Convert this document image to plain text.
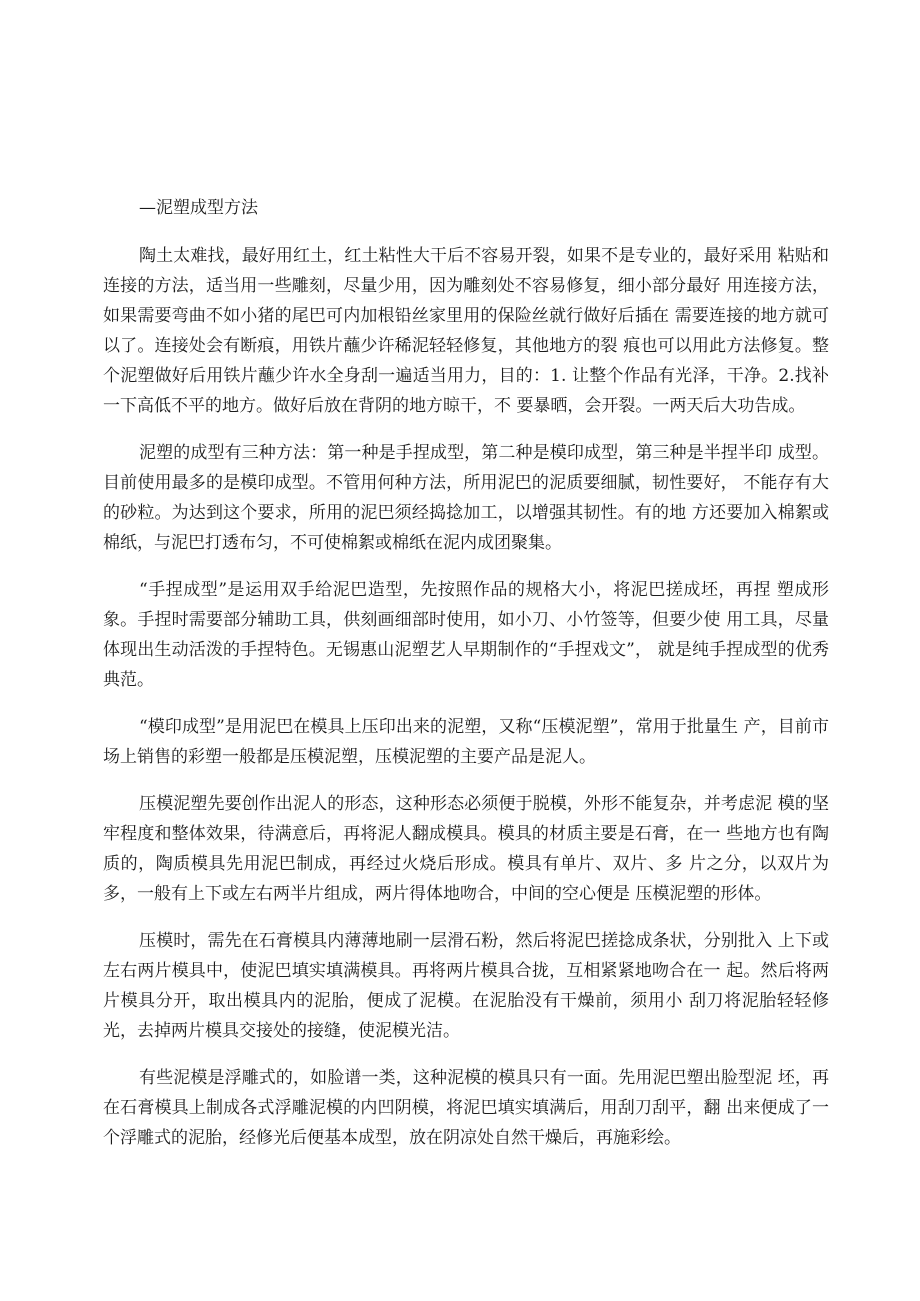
—泥塑成型方法

陶土太难找，最好用红土，红土粘性大干后不容易开裂，如果不是专业的，最好采用 粘贴和连接的方法，适当用一些雕刻，尽量少用，因为雕刻处不容易修复，细小部分最好 用连接方法，如果需要弯曲不如小猪的尾巴可内加根铅丝家里用的保险丝就行做好后插在 需要连接的地方就可以了。连接处会有断痕，用铁片蘸少许稀泥轻轻修复，其他地方的裂 痕也可以用此方法修复。整个泥塑做好后用铁片蘸少许水全身刮一遍适当用力，目的：1. 让整个作品有光泽，干净。2.找补一下高低不平的地方。做好后放在背阴的地方晾干，不 要暴晒，会开裂。一两天后大功告成。

泥塑的成型有三种方法：第一种是手捏成型，第二种是模印成型，第三种是半捏半印 成型。目前使用最多的是模印成型。不管用何种方法，所用泥巴的泥质要细腻，韧性要好， 不能存有大的砂粒。为达到这个要求，所用的泥巴须经捣捻加工，以增强其韧性。有的地 方还要加入棉絮或棉纸，与泥巴打透布匀，不可使棉絮或棉纸在泥内成团聚集。

“手捏成型”是运用双手给泥巴造型，先按照作品的规格大小，将泥巴搓成坯，再捏 塑成形象。手捏时需要部分辅助工具，供刻画细部时使用，如小刀、小竹签等，但要少使 用工具，尽量体现出生动活泼的手捏特色。无锡惠山泥塑艺人早期制作的“手捏戏文”， 就是纯手捏成型的优秀典范。

“模印成型”是用泥巴在模具上压印出来的泥塑，又称“压模泥塑”，常用于批量生 产，目前市场上销售的彩塑一般都是压模泥塑，压模泥塑的主要产品是泥人。

压模泥塑先要创作出泥人的形态，这种形态必须便于脱模，外形不能复杂，并考虑泥 模的坚牢程度和整体效果，待满意后，再将泥人翻成模具。模具的材质主要是石膏，在一 些地方也有陶质的，陶质模具先用泥巴制成，再经过火烧后形成。模具有单片、双片、多 片之分，以双片为多，一般有上下或左右两半片组成，两片得体地吻合，中间的空心便是 压模泥塑的形体。

压模时，需先在石膏模具内薄薄地刷一层滑石粉，然后将泥巴搓捻成条状，分别批入 上下或左右两片模具中，使泥巴填实填满模具。再将两片模具合拢，互相紧紧地吻合在一 起。然后将两片模具分开，取出模具内的泥胎，便成了泥模。在泥胎没有干燥前，须用小 刮刀将泥胎轻轻修光，去掉两片模具交接处的接缝，使泥模光洁。

有些泥模是浮雕式的，如脸谱一类，这种泥模的模具只有一面。先用泥巴塑出脸型泥 坯，再在石膏模具上制成各式浮雕泥模的内凹阴模，将泥巴填实填满后，用刮刀刮平，翻 出来便成了一个浮雕式的泥胎，经修光后便基本成型，放在阴凉处自然干燥后，再施彩绘。
